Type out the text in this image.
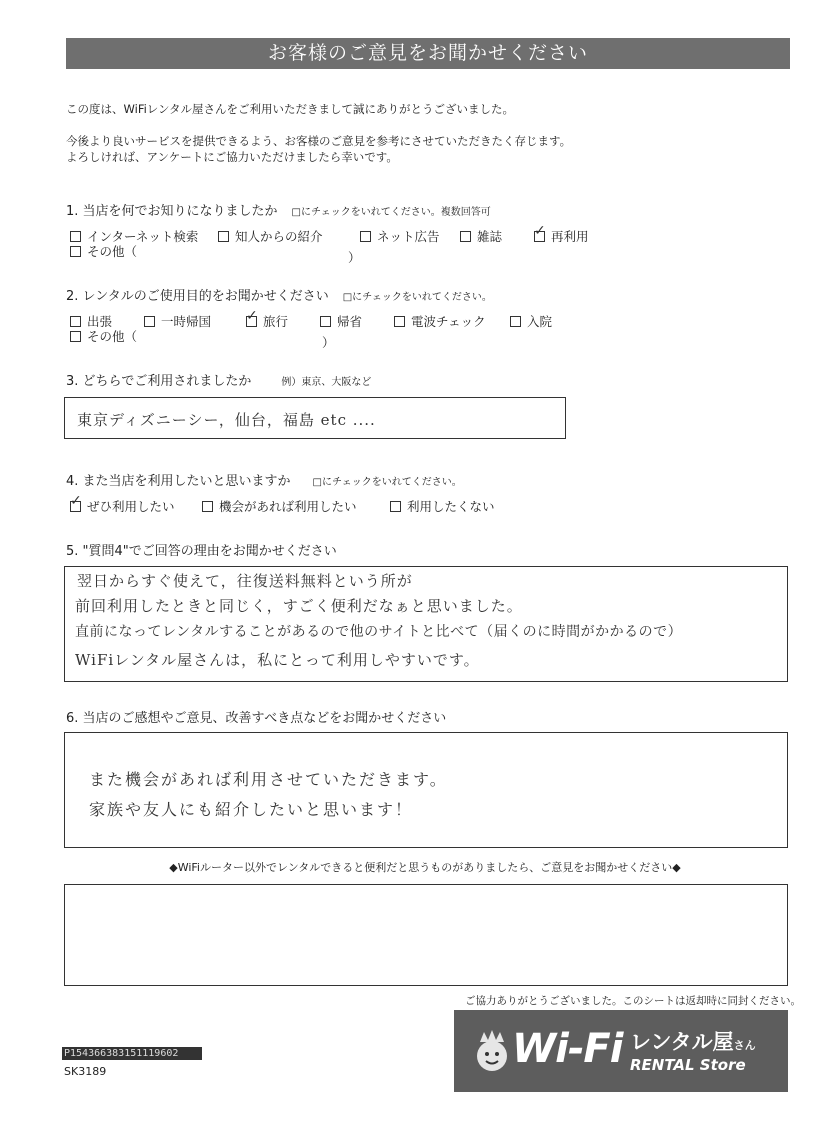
お客様のご意見をお聞かせください
この度は、WiFiレンタル屋さんをご利用いただきまして誠にありがとうございました。
今後より良いサービスを提供できるよう、お客様のご意見を参考にさせていただきたく存じます。
よろしければ、アンケートにご協力いただけましたら幸いです。
1. 当店を何でお知りになりましたか □にチェックをいれてください。複数回答可
インターネット検索	知人からの紹介	ネット広告	雑誌 ✓	再利用
その他（	）
2. レンタルのご使用目的をお聞かせください □にチェックをいれてください。
出張	一時帰国 ✓	旅行	帰省	電波チェック	入院
その他（	）
3. どちらでご利用されましたか	例）東京、大阪など
東京ディズニーシー，仙台，福島 etc ....
4. また当店を利用したいと思いますか □にチェックをいれてください。
✓
ぜひ利用したい	機会があれば利用したい	利用したくない
5. "質問4"でご回答の理由をお聞かせください
翌日からすぐ使えて，往復送料無料という所が
前回利用したときと同じく，すごく便利だなぁと思いました。
直前になってレンタルすることがあるので他のサイトと比べて（届くのに時間がかかるので）
WiFiレンタル屋さんは，私にとって利用しやすいです。
6. 当店のご感想やご意見、改善すべき点などをお聞かせください
また機会があれば利用させていただきます。
家族や友人にも紹介したいと思います！
◆WiFiルーター以外でレンタルできると便利だと思うものがありましたら、ご意見をお聞かせください◆
ご協力ありがとうございました。このシートは返却時に同封ください。
Wi-Fi レンタル屋さん
RENTAL Store
P154366383151119602
SK3189
